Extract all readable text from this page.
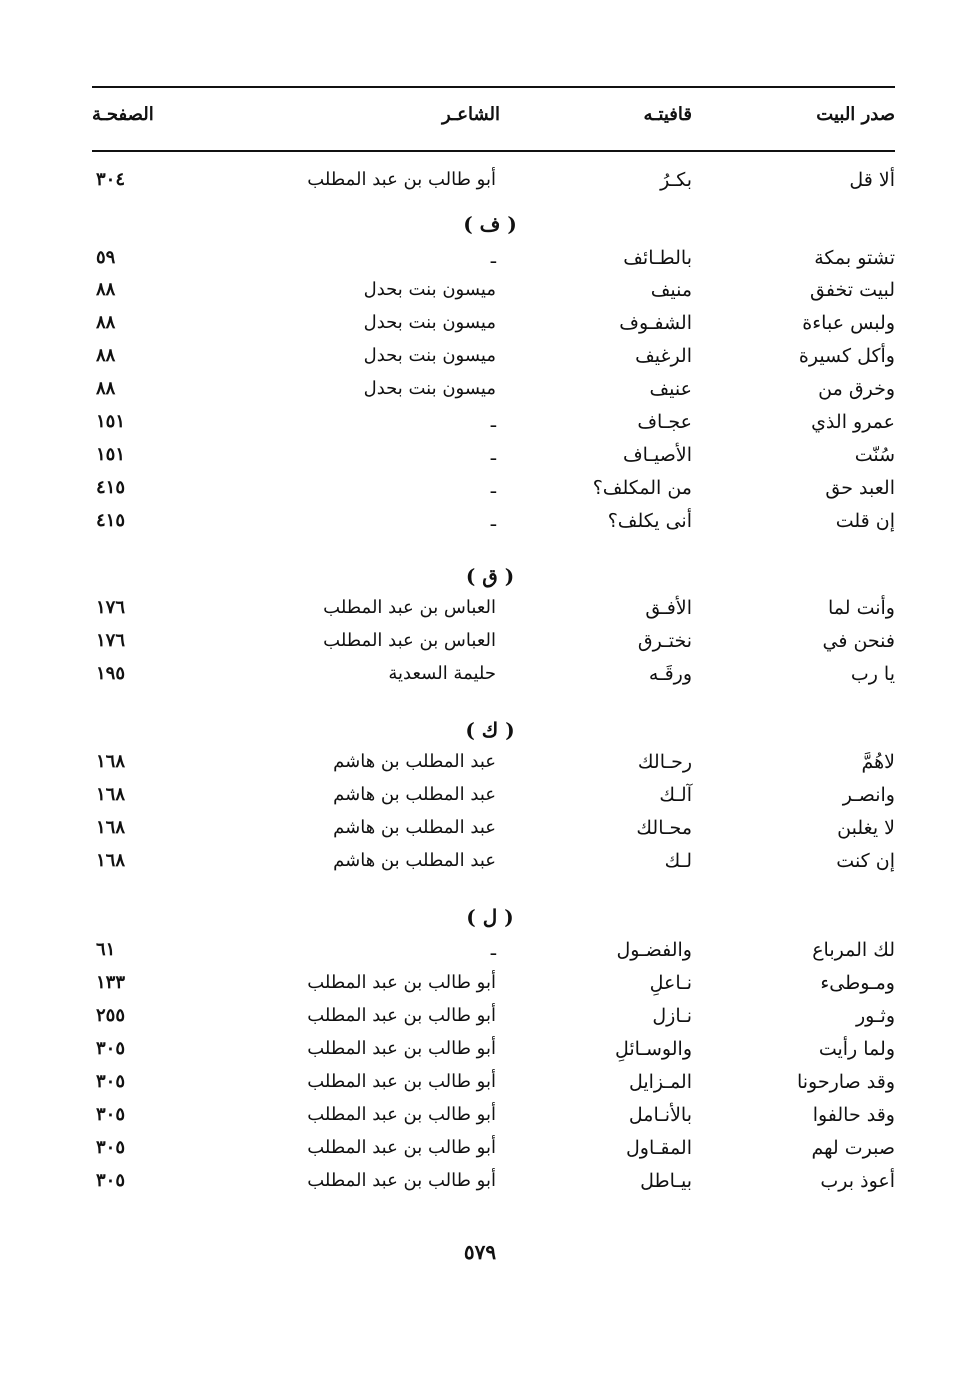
صدر البيت
قافيتـه
الشاعـر
الصفحـة
ألا قل
بكـرُ
أبو طالب بن عبد المطلب
٣٠٤
( ف )
تشتو بمكة
بالطـائف
ـ
٥٩
لبيت تخفق
منيف
ميسون بنت بحدل
٨٨
ولبس عباءة
الشفـوف
ميسون بنت بحدل
٨٨
وأكل كسيرة
الرغيف
ميسون بنت بحدل
٨٨
وخرق من
عنيف
ميسون بنت بحدل
٨٨
عمرو الذي
عجـاف
ـ
١٥١
سُنّت
الأصيـاف
ـ
١٥١
العبد حق
من المكلف؟
ـ
٤١٥
إن قلت
أنى يكلف؟
ـ
٤١٥
( ق )
وأنت لما
الأفـق
العباس بن عبد المطلب
١٧٦
فنحن في
نختـرق
العباس بن عبد المطلب
١٧٦
يا رب
ورقَـه
حليمة السعدية
١٩٥
( ك )
لاهُمَّ
رحـالك
عبد المطلب بن هاشم
١٦٨
وانصـر
آلـك
عبد المطلب بن هاشم
١٦٨
لا يغلبن
محـالك
عبد المطلب بن هاشم
١٦٨
إن كنت
لـك
عبد المطلب بن هاشم
١٦٨
( ل )
لك المرباع
والفضـول
ـ
٦١
ومـوطىء
نـاعلِ
أبو طالب بن عبد المطلب
١٣٣
وثـور
نـازل
أبو طالب بن عبد المطلب
٢٥٥
ولما رأيت
والوسـائلِ
أبو طالب بن عبد المطلب
٣٠٥
وقد صارحونا
المـزايل
أبو طالب بن عبد المطلب
٣٠٥
وقد حالفوا
بالأنـامل
أبو طالب بن عبد المطلب
٣٠٥
صبرت لهم
المقـاول
أبو طالب بن عبد المطلب
٣٠٥
أعوذ برب
بيـاطل
أبو طالب بن عبد المطلب
٣٠٥
٥٧٩
